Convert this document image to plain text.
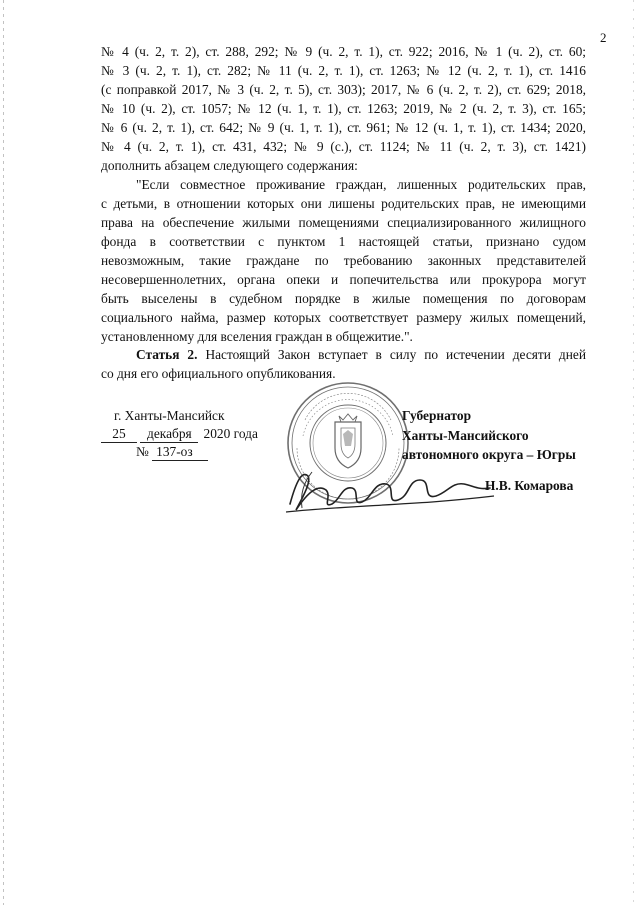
2
№ 4 (ч. 2, т. 2), ст. 288, 292; № 9 (ч. 2, т. 1), ст. 922; 2016, № 1 (ч. 2), ст. 60;
№ 3 (ч. 2, т. 1), ст. 282; № 11 (ч. 2, т. 1), ст. 1263; № 12 (ч. 2, т. 1), ст. 1416
(с поправкой 2017, № 3 (ч. 2, т. 5), ст. 303); 2017, № 6 (ч. 2, т. 2), ст. 629; 2018,
№ 10 (ч. 2), ст. 1057; № 12 (ч. 1, т. 1), ст. 1263; 2019, № 2 (ч. 2, т. 3), ст. 165;
№ 6 (ч. 2, т. 1), ст. 642; № 9 (ч. 1, т. 1), ст. 961; № 12 (ч. 1, т. 1), ст. 1434; 2020,
№ 4 (ч. 2, т. 1), ст. 431, 432; № 9 (с.), ст. 1124; № 11 (ч. 2, т. 3), ст. 1421)
дополнить абзацем следующего содержания:
"Если совместное проживание граждан, лишенных родительских прав,
с детьми, в отношении которых они лишены родительских прав, не имеющими
права на обеспечение жилыми помещениями специализированного жилищного
фонда в соответствии с пунктом 1 настоящей статьи, признано судом
невозможным, такие граждане по требованию законных представителей
несовершеннолетних, органа опеки и попечительства или прокурора могут
быть выселены в судебном порядке в жилые помещения по договорам
социального найма, размер которых соответствует размеру жилых помещений,
установленному для вселения граждан в общежитие.".
Статья 2. Настоящий Закон вступает в силу по истечении десяти дней
со дня его официального опубликования.
г. Ханты-Мансийск
25 декабря 2020 года
№ 137-оз
Губернатор
Ханты-Мансийского
автономного округа – Югры
Н.В. Комарова
